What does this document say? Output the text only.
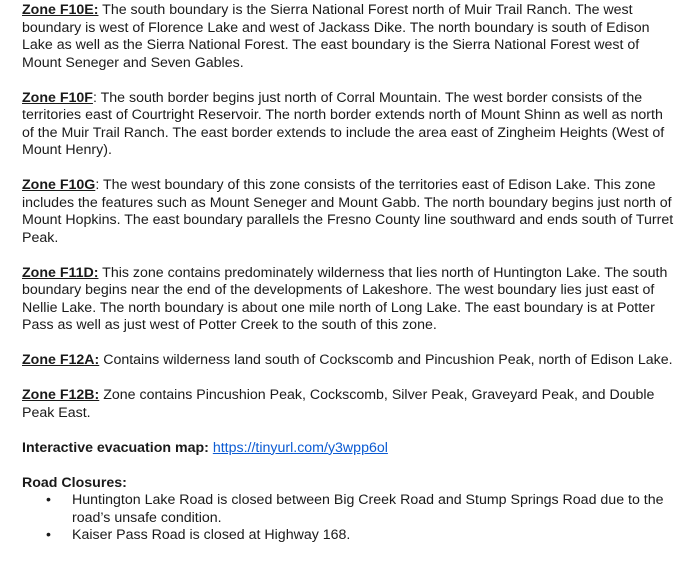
Zone F10E: The south boundary is the Sierra National Forest north of Muir Trail Ranch. The west boundary is west of Florence Lake and west of Jackass Dike. The north boundary is south of Edison Lake as well as the Sierra National Forest. The east boundary is the Sierra National Forest west of Mount Seneger and Seven Gables.

Zone F10F: The south border begins just north of Corral Mountain. The west border consists of the territories east of Courtright Reservoir. The north border extends north of Mount Shinn as well as north of the Muir Trail Ranch. The east border extends to include the area east of Zingheim Heights (West of Mount Henry).

Zone F10G: The west boundary of this zone consists of the territories east of Edison Lake. This zone includes the features such as Mount Seneger and Mount Gabb. The north boundary begins just north of Mount Hopkins. The east boundary parallels the Fresno County line southward and ends south of Turret Peak.

Zone F11D: This zone contains predominately wilderness that lies north of Huntington Lake. The south boundary begins near the end of the developments of Lakeshore. The west boundary lies just east of Nellie Lake. The north boundary is about one mile north of Long Lake. The east boundary is at Potter Pass as well as just west of Potter Creek to the south of this zone.

Zone F12A: Contains wilderness land south of Cockscomb and Pincushion Peak, north of Edison Lake.

Zone F12B: Zone contains Pincushion Peak, Cockscomb, Silver Peak, Graveyard Peak, and Double Peak East.

Interactive evacuation map: https://tinyurl.com/y3wpp6ol

Road Closures:

• Huntington Lake Road is closed between Big Creek Road and Stump Springs Road due to the road’s unsafe condition.
• Kaiser Pass Road is closed at Highway 168.
